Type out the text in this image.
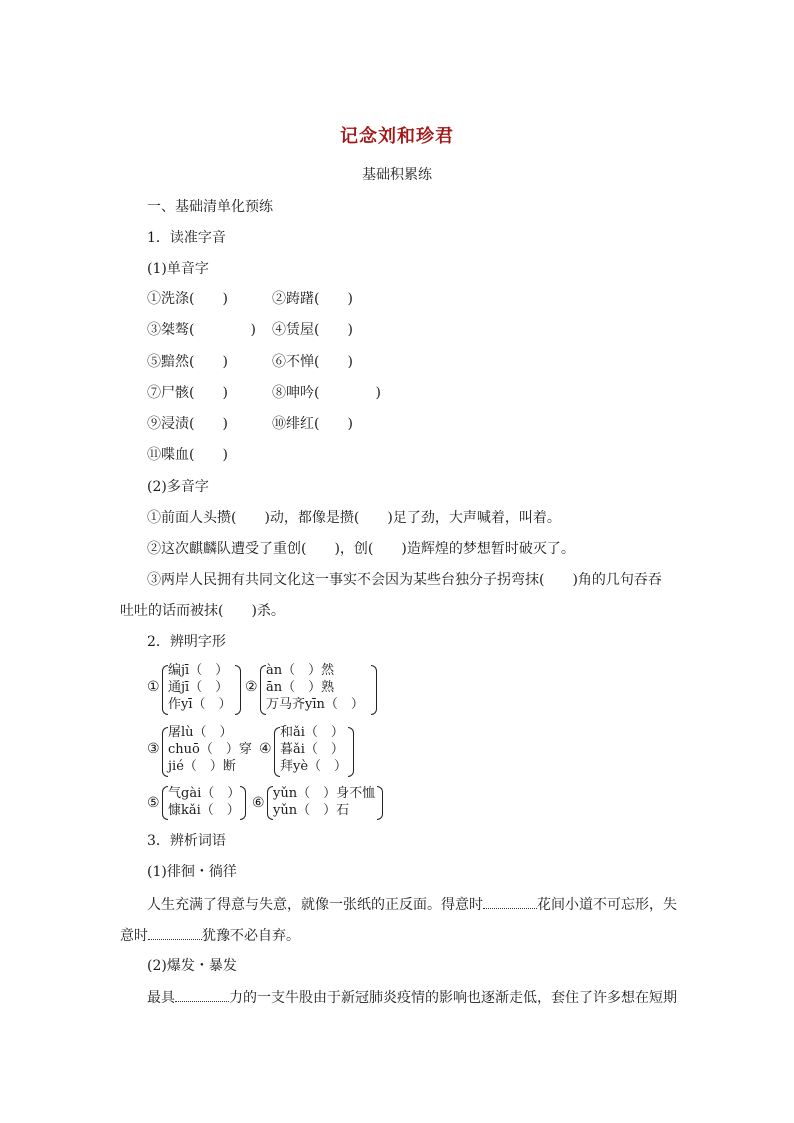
记念刘和珍君
基础积累练
一、基础清单化预练
1．读准字音
(1)单音字
①洗涤(　　)	②踌躇(　　)
③桀骜(　　　　) ④赁屋(　　)
⑤黯然(　　)	⑥不惮(　　)
⑦尸骸(　　)	⑧呻吟(　　　　)
⑨浸渍(　　)	⑩绯红(　　)
⑪喋血(　　)
(2)多音字
①前面人头攒(　　)动，都像是攒(　　)足了劲，大声喊着，叫着。
②这次麒麟队遭受了重创(　　)，创(　　)造辉煌的梦想暂时破灭了。
③两岸人民拥有共同文化这一事实不会因为某些台独分子拐弯抹(　　)角的几句吞吞
吐吐的话而被抹(　　)杀。
2．辨明字形
①
编jī（　）
通jī（　）
作yī（　）
②
àn（　）然
ān（　）熟
万马齐yīn（　）
③
屠lù（　）
chuō（　）穿
jié（　）断
④
和ǎi（　）
暮ǎi（　）
拜yè（　）
⑤
气gài（　）
慷kǎi（　） ⑥
yǔn（　）身不恤
yǔn（　）石
3．辨析词语
(1)徘徊・徜徉
人生充满了得意与失意，就像一张纸的正反面。得意时	花间小道不可忘形，失
意时	犹豫不必自弃。
(2)爆发・暴发
最具	力的一支牛股由于新冠肺炎疫情的影响也逐渐走低，套住了许多想在短期
